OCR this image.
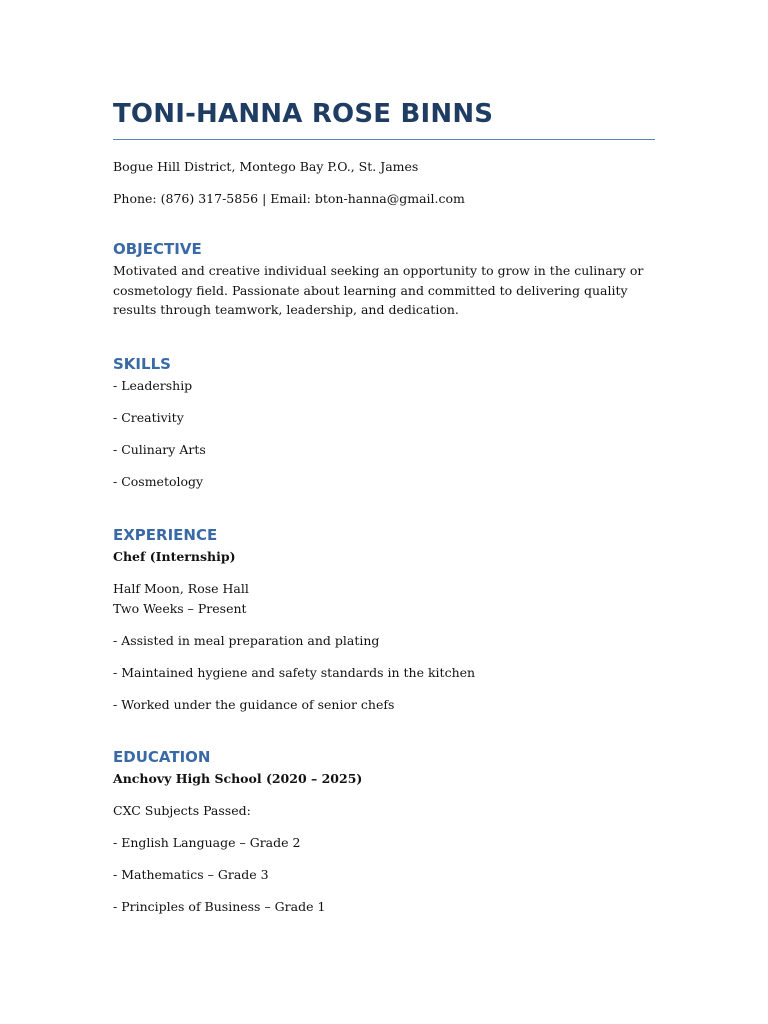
TONI-HANNA ROSE BINNS

Bogue Hill District, Montego Bay P.O., St. James

Phone: (876) 317-5856 | Email: bton-hanna@gmail.com

OBJECTIVE

Motivated and creative individual seeking an opportunity to grow in the culinary or cosmetology field. Passionate about learning and committed to delivering quality results through teamwork, leadership, and dedication.

SKILLS

- Leadership

- Creativity

- Culinary Arts

- Cosmetology

EXPERIENCE

Chef (Internship)

Half Moon, Rose Hall

Two Weeks – Present

- Assisted in meal preparation and plating

- Maintained hygiene and safety standards in the kitchen

- Worked under the guidance of senior chefs

EDUCATION

Anchovy High School (2020 – 2025)

CXC Subjects Passed:

- English Language – Grade 2

- Mathematics – Grade 3

- Principles of Business – Grade 1
